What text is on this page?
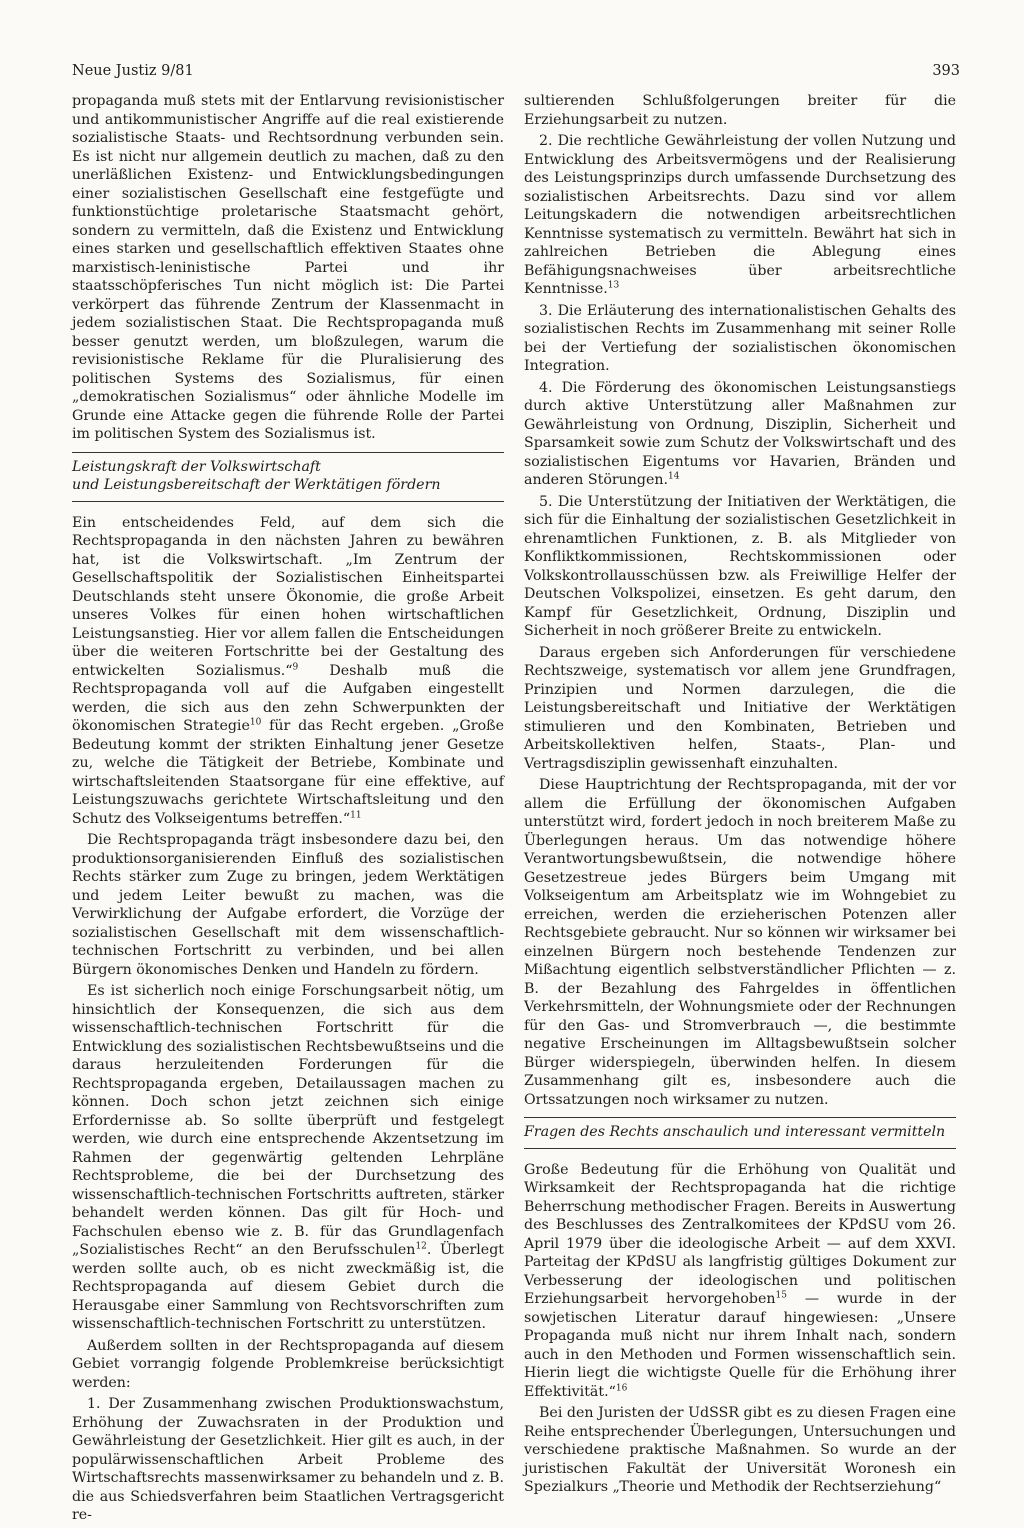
Neue Justiz 9/81	393

propaganda muß stets mit der Entlarvung revisionistischer und antikommunistischer Angriffe auf die real existierende sozialistische Staats- und Rechtsordnung verbunden sein. Es ist nicht nur allgemein deutlich zu machen, daß zu den unerläßlichen Existenz- und Entwicklungsbedingungen einer sozialistischen Gesellschaft eine festgefügte und funktionstüchtige proletarische Staatsmacht gehört, sondern zu vermitteln, daß die Existenz und Entwicklung eines starken und gesellschaftlich effektiven Staates ohne marxistisch-leninistische Partei und ihr staatsschöpferisches Tun nicht möglich ist: Die Partei verkörpert das führende Zentrum der Klassenmacht in jedem sozialistischen Staat. Die Rechtspropaganda muß besser genutzt werden, um bloßzulegen, warum die revisionistische Reklame für die Pluralisierung des politischen Systems des Sozialismus, für einen „demokratischen Sozialismus“ oder ähnliche Modelle im Grunde eine Attacke gegen die führende Rolle der Partei im politischen System des Sozialismus ist.

Leistungskraft der Volkswirtschaft
und Leistungsbereitschaft der Werktätigen fördern

Ein entscheidendes Feld, auf dem sich die Rechtspropaganda in den nächsten Jahren zu bewähren hat, ist die Volkswirtschaft. „Im Zentrum der Gesellschaftspolitik der Sozialistischen Einheitspartei Deutschlands steht unsere Ökonomie, die große Arbeit unseres Volkes für einen hohen wirtschaftlichen Leistungsanstieg. Hier vor allem fallen die Entscheidungen über die weiteren Fortschritte bei der Gestaltung des entwickelten Sozialismus.“$^9$ Deshalb muß die Rechtspropaganda voll auf die Aufgaben eingestellt werden, die sich aus den zehn Schwerpunkten der ökonomischen Strategie$^{10}$ für das Recht ergeben. „Große Bedeutung kommt der strikten Einhaltung jener Gesetze zu, welche die Tätigkeit der Betriebe, Kombinate und wirtschaftsleitenden Staatsorgane für eine effektive, auf Leistungszuwachs gerichtete Wirtschaftsleitung und den Schutz des Volkseigentums betreffen.“$^{11}$

Die Rechtspropaganda trägt insbesondere dazu bei, den produktionsorganisierenden Einfluß des sozialistischen Rechts stärker zum Zuge zu bringen, jedem Werktätigen und jedem Leiter bewußt zu machen, was die Verwirklichung der Aufgabe erfordert, die Vorzüge der sozialistischen Gesellschaft mit dem wissenschaftlich-technischen Fortschritt zu verbinden, und bei allen Bürgern ökonomisches Denken und Handeln zu fördern.

Es ist sicherlich noch einige Forschungsarbeit nötig, um hinsichtlich der Konsequenzen, die sich aus dem wissenschaftlich-technischen Fortschritt für die Entwicklung des sozialistischen Rechtsbewußtseins und die daraus herzuleitenden Forderungen für die Rechtspropaganda ergeben, Detailaussagen machen zu können. Doch schon jetzt zeichnen sich einige Erfordernisse ab. So sollte überprüft und festgelegt werden, wie durch eine entsprechende Akzentsetzung im Rahmen der gegenwärtig geltenden Lehrpläne Rechtsprobleme, die bei der Durchsetzung des wissenschaftlich-technischen Fortschritts auftreten, stärker behandelt werden können. Das gilt für Hoch- und Fachschulen ebenso wie z. B. für das Grundlagenfach „Sozialistisches Recht“ an den Berufsschulen$^{12}$. Überlegt werden sollte auch, ob es nicht zweckmäßig ist, die Rechtspropaganda auf diesem Gebiet durch die Herausgabe einer Sammlung von Rechtsvorschriften zum wissenschaftlich-technischen Fortschritt zu unterstützen.

Außerdem sollten in der Rechtspropaganda auf diesem Gebiet vorrangig folgende Problemkreise berücksichtigt werden:

1. Der Zusammenhang zwischen Produktionswachstum, Erhöhung der Zuwachsraten in der Produktion und Gewährleistung der Gesetzlichkeit. Hier gilt es auch, in der populärwissenschaftlichen Arbeit Probleme des Wirtschaftsrechts massenwirksamer zu behandeln und z. B. die aus Schiedsverfahren beim Staatlichen Vertragsgericht re-

sultierenden Schlußfolgerungen breiter für die Erziehungsarbeit zu nutzen.

2. Die rechtliche Gewährleistung der vollen Nutzung und Entwicklung des Arbeitsvermögens und der Realisierung des Leistungsprinzips durch umfassende Durchsetzung des sozialistischen Arbeitsrechts. Dazu sind vor allem Leitungskadern die notwendigen arbeitsrechtlichen Kenntnisse systematisch zu vermitteln. Bewährt hat sich in zahlreichen Betrieben die Ablegung eines Befähigungsnachweises über arbeitsrechtliche Kenntnisse.$^{13}$

3. Die Erläuterung des internationalistischen Gehalts des sozialistischen Rechts im Zusammenhang mit seiner Rolle bei der Vertiefung der sozialistischen ökonomischen Integration.

4. Die Förderung des ökonomischen Leistungsanstiegs durch aktive Unterstützung aller Maßnahmen zur Gewährleistung von Ordnung, Disziplin, Sicherheit und Sparsamkeit sowie zum Schutz der Volkswirtschaft und des sozialistischen Eigentums vor Havarien, Bränden und anderen Störungen.$^{14}$

5. Die Unterstützung der Initiativen der Werktätigen, die sich für die Einhaltung der sozialistischen Gesetzlichkeit in ehrenamtlichen Funktionen, z. B. als Mitglieder von Konfliktkommissionen, Rechtskommissionen oder Volkskontrollausschüssen bzw. als Freiwillige Helfer der Deutschen Volkspolizei, einsetzen. Es geht darum, den Kampf für Gesetzlichkeit, Ordnung, Disziplin und Sicherheit in noch größerer Breite zu entwickeln.

Daraus ergeben sich Anforderungen für verschiedene Rechtszweige, systematisch vor allem jene Grundfragen, Prinzipien und Normen darzulegen, die die Leistungsbereitschaft und Initiative der Werktätigen stimulieren und den Kombinaten, Betrieben und Arbeitskollektiven helfen, Staats-, Plan- und Vertragsdisziplin gewissenhaft einzuhalten.

Diese Hauptrichtung der Rechtspropaganda, mit der vor allem die Erfüllung der ökonomischen Aufgaben unterstützt wird, fordert jedoch in noch breiterem Maße zu Überlegungen heraus. Um das notwendige höhere Verantwortungsbewußtsein, die notwendige höhere Gesetzestreue jedes Bürgers beim Umgang mit Volkseigentum am Arbeitsplatz wie im Wohngebiet zu erreichen, werden die erzieherischen Potenzen aller Rechtsgebiete gebraucht. Nur so können wir wirksamer bei einzelnen Bürgern noch bestehende Tendenzen zur Mißachtung eigentlich selbstverständlicher Pflichten — z. B. der Bezahlung des Fahrgeldes in öffentlichen Verkehrsmitteln, der Wohnungsmiete oder der Rechnungen für den Gas- und Stromverbrauch —, die bestimmte negative Erscheinungen im Alltagsbewußtsein solcher Bürger widerspiegeln, überwinden helfen. In diesem Zusammenhang gilt es, insbesondere auch die Ortssatzungen noch wirksamer zu nutzen.

Fragen des Rechts anschaulich und interessant vermitteln

Große Bedeutung für die Erhöhung von Qualität und Wirksamkeit der Rechtspropaganda hat die richtige Beherrschung methodischer Fragen. Bereits in Auswertung des Beschlusses des Zentralkomitees der KPdSU vom 26. April 1979 über die ideologische Arbeit — auf dem XXVI. Parteitag der KPdSU als langfristig gültiges Dokument zur Verbesserung der ideologischen und politischen Erziehungsarbeit hervorgehoben$^{15}$ — wurde in der sowjetischen Literatur darauf hingewiesen: „Unsere Propaganda muß nicht nur ihrem Inhalt nach, sondern auch in den Methoden und Formen wissenschaftlich sein. Hierin liegt die wichtigste Quelle für die Erhöhung ihrer Effektivität.“$^{16}$

Bei den Juristen der UdSSR gibt es zu diesen Fragen eine Reihe entsprechender Überlegungen, Untersuchungen und verschiedene praktische Maßnahmen. So wurde an der juristischen Fakultät der Universität Woronesh ein Spezialkurs „Theorie und Methodik der Rechtserziehung“
